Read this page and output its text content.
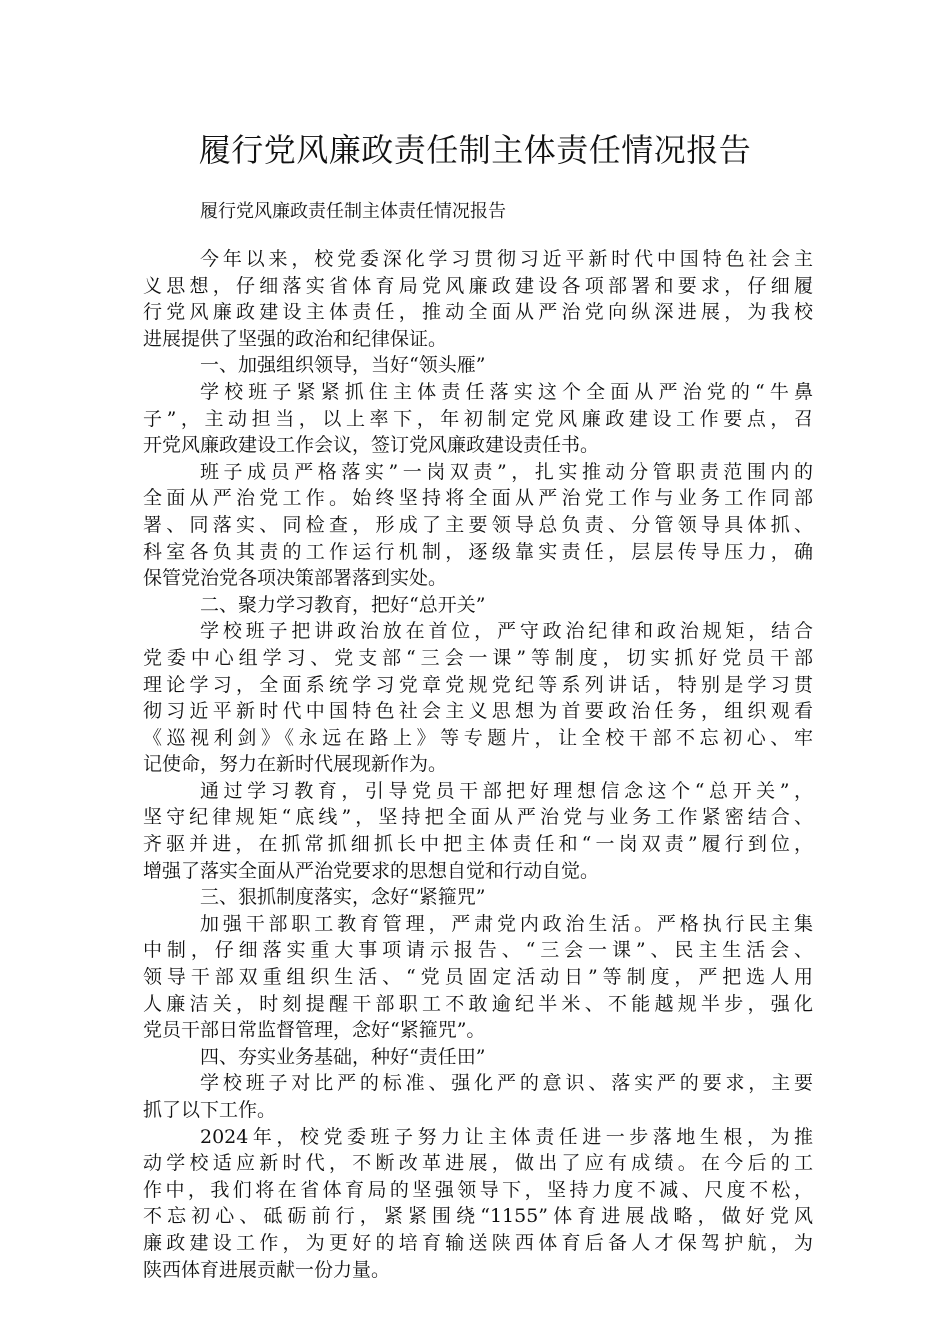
履行党风廉政责任制主体责任情况报告
履行党风廉政责任制主体责任情况报告
今年以来，校党委深化学习贯彻习近平新时代中国特色社会主
义思想，仔细落实省体育局党风廉政建设各项部署和要求，仔细履
行党风廉政建设主体责任，推动全面从严治党向纵深进展，为我校
进展提供了坚强的政治和纪律保证。
一、加强组织领导，当好“领头雁”
学校班子紧紧抓住主体责任落实这个全面从严治党的“牛鼻
子”，主动担当，以上率下，年初制定党风廉政建设工作要点，召
开党风廉政建设工作会议，签订党风廉政建设责任书。
班子成员严格落实”一岗双责”，扎实推动分管职责范围内的
全面从严治党工作。始终坚持将全面从严治党工作与业务工作同部
署、同落实、同检查，形成了主要领导总负责、分管领导具体抓、
科室各负其责的工作运行机制，逐级靠实责任，层层传导压力，确
保管党治党各项决策部署落到实处。
二、聚力学习教育，把好“总开关”
学校班子把讲政治放在首位，严守政治纪律和政治规矩，结合
党委中心组学习、党支部“三会一课”等制度，切实抓好党员干部
理论学习，全面系统学习党章党规党纪等系列讲话，特别是学习贯
彻习近平新时代中国特色社会主义思想为首要政治任务，组织观看
《巡视利剑》《永远在路上》等专题片，让全校干部不忘初心、牢
记使命，努力在新时代展现新作为。
通过学习教育，引导党员干部把好理想信念这个“总开关”，
坚守纪律规矩“底线”，坚持把全面从严治党与业务工作紧密结合、
齐驱并进，在抓常抓细抓长中把主体责任和“一岗双责”履行到位，
增强了落实全面从严治党要求的思想自觉和行动自觉。
三、狠抓制度落实，念好“紧箍咒”
加强干部职工教育管理，严肃党内政治生活。严格执行民主集
中制，仔细落实重大事项请示报告、“三会一课”、民主生活会、
领导干部双重组织生活、“党员固定活动日”等制度，严把选人用
人廉洁关，时刻提醒干部职工不敢逾纪半米、不能越规半步，强化
党员干部日常监督管理，念好“紧箍咒”。
四、夯实业务基础，种好“责任田”
学校班子对比严的标准、强化严的意识、落实严的要求，主要
抓了以下工作。
2024年，校党委班子努力让主体责任进一步落地生根，为推
动学校适应新时代，不断改革进展，做出了应有成绩。在今后的工
作中，我们将在省体育局的坚强领导下，坚持力度不减、尺度不松，
不忘初心、砥砺前行，紧紧围绕“1155”体育进展战略，做好党风
廉政建设工作，为更好的培育输送陕西体育后备人才保驾护航，为
陕西体育进展贡献一份力量。
